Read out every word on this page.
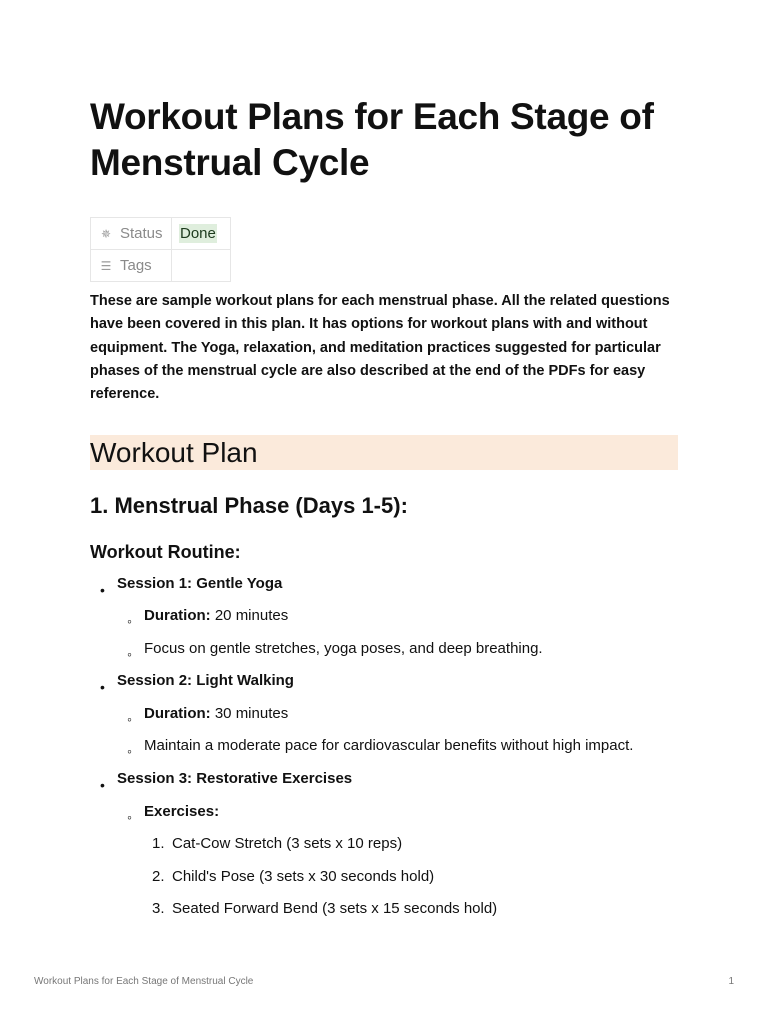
Workout Plans for Each Stage of Menstrual Cycle
✵ Status	Done
☰ Tags	

These are sample workout plans for each menstrual phase. All the related questions have been covered in this plan. It has options for workout plans with and without equipment. The Yoga, relaxation, and meditation practices suggested for particular phases of the menstrual cycle are also described at the end of the PDFs for easy reference.

Workout Plan
1. Menstrual Phase (Days 1-5):
Workout Routine:
• Session 1: Gentle Yoga
◦ Duration: 20 minutes
◦ Focus on gentle stretches, yoga poses, and deep breathing.
• Session 2: Light Walking
◦ Duration: 30 minutes
◦ Maintain a moderate pace for cardiovascular benefits without high impact.
• Session 3: Restorative Exercises
◦ Exercises:
1. Cat-Cow Stretch (3 sets x 10 reps)
2. Child's Pose (3 sets x 30 seconds hold)
3. Seated Forward Bend (3 sets x 15 seconds hold)
Workout Plans for Each Stage of Menstrual Cycle	1
